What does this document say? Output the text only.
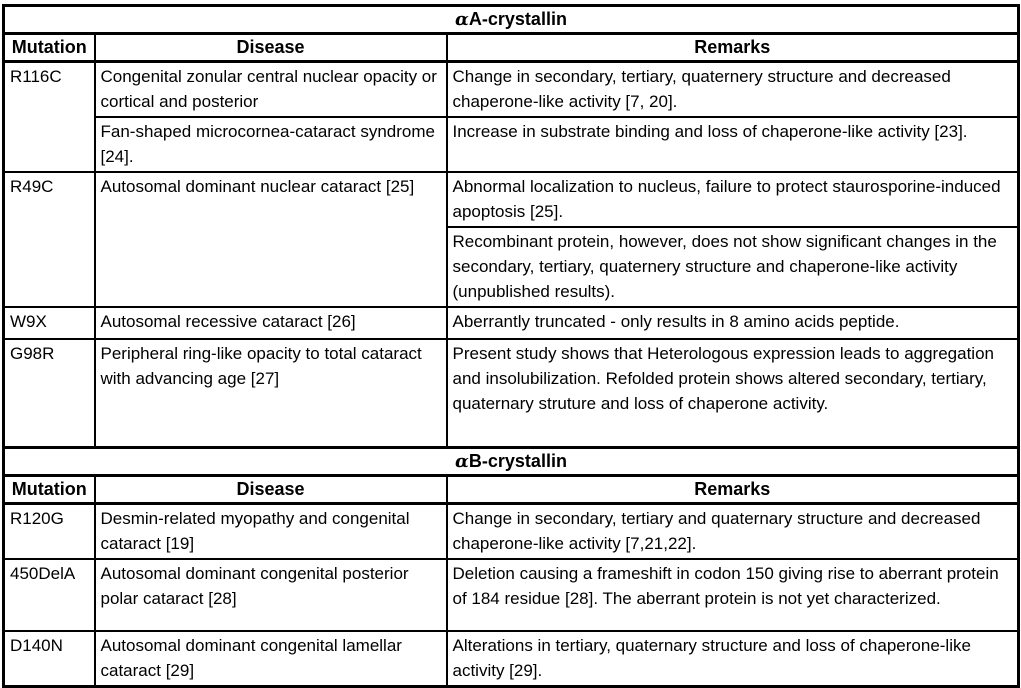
αA-crystallin		
Mutation	Disease	Remarks
R116C	Congenital zonular central nuclear opacity or cortical and posterior	Change in secondary, tertiary, quaternery structure and decreased chaperone-like activity [7, 20].
	Fan-shaped microcornea-cataract syndrome [24].	Increase in substrate binding and loss of chaperone-like activity [23].
R49C	Autosomal dominant nuclear cataract [25]	Abnormal localization to nucleus, failure to protect staurosporine-induced apoptosis [25].
		Recombinant protein, however, does not show significant changes in the secondary, tertiary, quaternery structure and chaperone-like activity (unpublished results).
W9X	Autosomal recessive cataract [26]	Aberrantly truncated - only results in 8 amino acids peptide.
G98R	Peripheral ring-like opacity to total cataract with advancing age [27]	Present study shows that Heterologous expression leads to aggregation and insolubilization. Refolded protein shows altered secondary, tertiary, quaternary struture and loss of chaperone activity.
αB-crystallin		
Mutation	Disease	Remarks
R120G	Desmin-related myopathy and congenital cataract [19]	Change in secondary, tertiary and quaternary structure and decreased chaperone-like activity [7,21,22].
450DelA	Autosomal dominant congenital posterior polar cataract [28]	Deletion causing a frameshift in codon 150 giving rise to aberrant protein of 184 residue [28]. The aberrant protein is not yet characterized.
D140N	Autosomal dominant congenital lamellar cataract [29]	Alterations in tertiary, quaternary structure and loss of chaperone-like activity [29].
